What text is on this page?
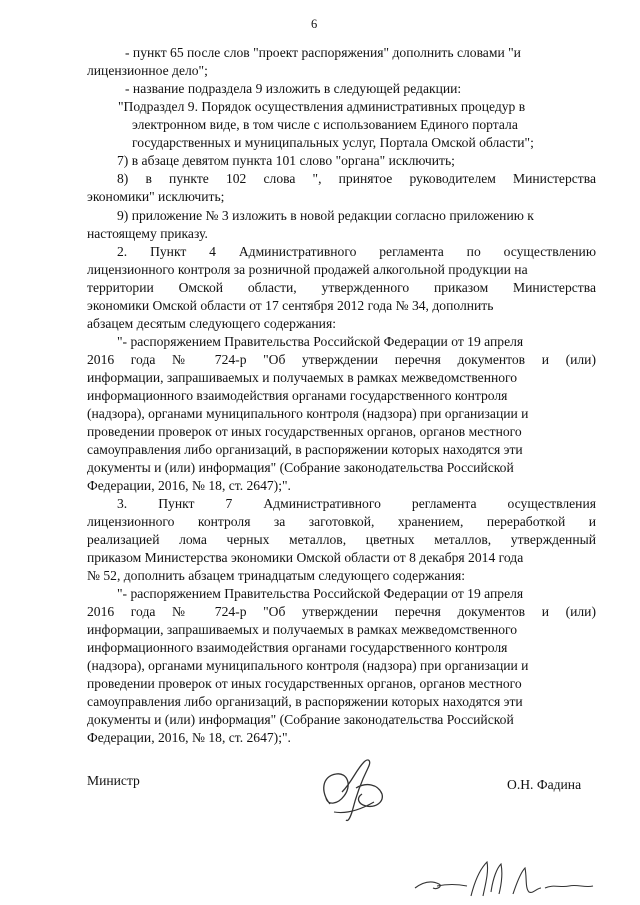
6
- пункт 65 после слов "проект распоряжения" дополнить словами "и
лицензионное дело";
- название подраздела 9 изложить в следующей редакции:
"Подраздел 9. Порядок осуществления административных процедур в
электронном виде, в том числе с использованием Единого портала
государственных и муниципальных услуг, Портала Омской области";
7) в абзаце девятом пункта 101 слово "органа" исключить;
8) в пункте 102 слова ", принятое руководителем Министерства
экономики" исключить;
9) приложение № 3 изложить в новой редакции согласно приложению к
настоящему приказу.
2. Пункт 4 Административного регламента по осуществлению
лицензионного контроля за розничной продажей алкогольной продукции на
территории Омской области, утвержденного приказом Министерства
экономики Омской области от 17 сентября 2012 года № 34, дополнить
абзацем десятым следующего содержания:
"- распоряжением Правительства Российской Федерации от 19 апреля
2016 года № 724-р "Об утверждении перечня документов и (или)
информации, запрашиваемых и получаемых в рамках межведомственного
информационного взаимодействия органами государственного контроля
(надзора), органами муниципального контроля (надзора) при организации и
проведении проверок от иных государственных органов, органов местного
самоуправления либо организаций, в распоряжении которых находятся эти
документы и (или) информация" (Собрание законодательства Российской
Федерации, 2016, № 18, ст. 2647);".
3. Пункт 7 Административного регламента осуществления
лицензионного контроля за заготовкой, хранением, переработкой и
реализацией лома черных металлов, цветных металлов, утвержденный
приказом Министерства экономики Омской области от 8 декабря 2014 года
№ 52, дополнить абзацем тринадцатым следующего содержания:
"- распоряжением Правительства Российской Федерации от 19 апреля
2016 года № 724-р "Об утверждении перечня документов и (или)
информации, запрашиваемых и получаемых в рамках межведомственного
информационного взаимодействия органами государственного контроля
(надзора), органами муниципального контроля (надзора) при организации и
проведении проверок от иных государственных органов, органов местного
самоуправления либо организаций, в распоряжении которых находятся эти
документы и (или) информация" (Собрание законодательства Российской
Федерации, 2016, № 18, ст. 2647);".
Министр	О.Н. Фадина
